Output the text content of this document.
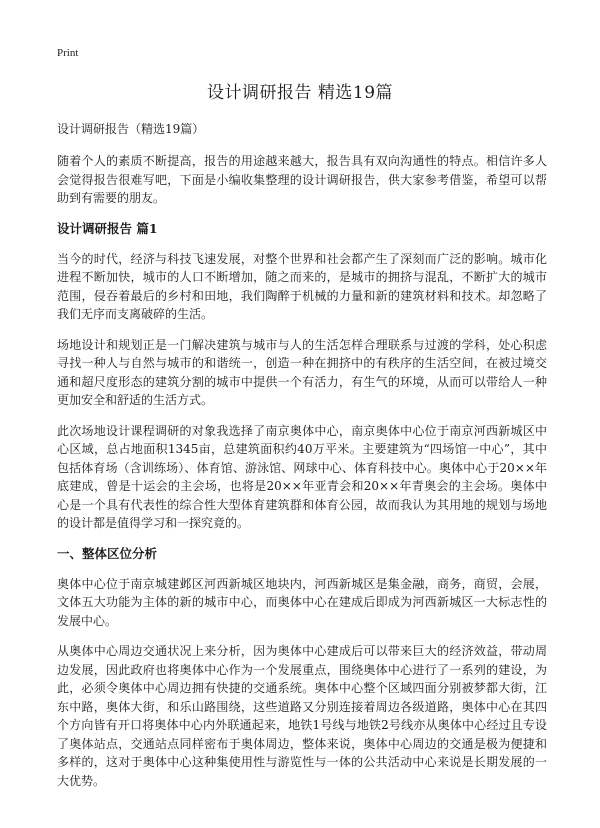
Print
设计调研报告 精选19篇
设计调研报告（精选19篇）

随着个人的素质不断提高，报告的用途越来越大，报告具有双向沟通性的特点。相信许多人会觉得报告很难写吧，下面是小编收集整理的设计调研报告，供大家参考借鉴，希望可以帮助到有需要的朋友。

设计调研报告 篇1

当今的时代，经济与科技飞速发展，对整个世界和社会都产生了深刻而广泛的影响。城市化进程不断加快，城市的人口不断增加，随之而来的，是城市的拥挤与混乱，不断扩大的城市范围，侵吞着最后的乡村和田地，我们陶醉于机械的力量和新的建筑材料和技术。却忽略了我们无序而支离破碎的生活。

场地设计和规划正是一门解决建筑与城市与人的生活怎样合理联系与过渡的学科，处心积虑寻找一种人与自然与城市的和谐统一，创造一种在拥挤中的有秩序的生活空间，在被过境交通和超尺度形态的建筑分割的城市中提供一个有活力，有生气的环境，从而可以带给人一种更加安全和舒适的生活方式。

此次场地设计课程调研的对象我选择了南京奥体中心，南京奥体中心位于南京河西新城区中心区域，总占地面积1345亩，总建筑面积约40万平米。主要建筑为“四场馆一中心”，其中包括体育场（含训练场）、体育馆、游泳馆、网球中心、体育科技中心。奥体中心于20××年底建成，曾是十运会的主会场，也将是20××年亚青会和20××年青奥会的主会场。奥体中心是一个具有代表性的综合性大型体育建筑群和体育公园，故而我认为其用地的规划与场地的设计都是值得学习和一探究竟的。

一、整体区位分析

奥体中心位于南京城建邺区河西新城区地块内，河西新城区是集金融，商务，商贸，会展，文体五大功能为主体的新的城市中心，而奥体中心在建成后即成为河西新城区一大标志性的发展中心。

从奥体中心周边交通状况上来分析，因为奥体中心建成后可以带来巨大的经济效益，带动周边发展，因此政府也将奥体中心作为一个发展重点，围绕奥体中心进行了一系列的建设，为此，必须令奥体中心周边拥有快捷的交通系统。奥体中心整个区域四面分别被梦都大街，江东中路，奥体大街，和乐山路围绕，这些道路又分别连接着周边各级道路，奥体中心在其四个方向皆有开口将奥体中心内外联通起来，地铁1号线与地铁2号线亦从奥体中心经过且专设了奥体站点，交通站点同样密布于奥体周边，整体来说，奥体中心周边的交通是极为便捷和多样的，这对于奥体中心这种集使用性与游览性与一体的公共活动中心来说是长期发展的一大优势。
